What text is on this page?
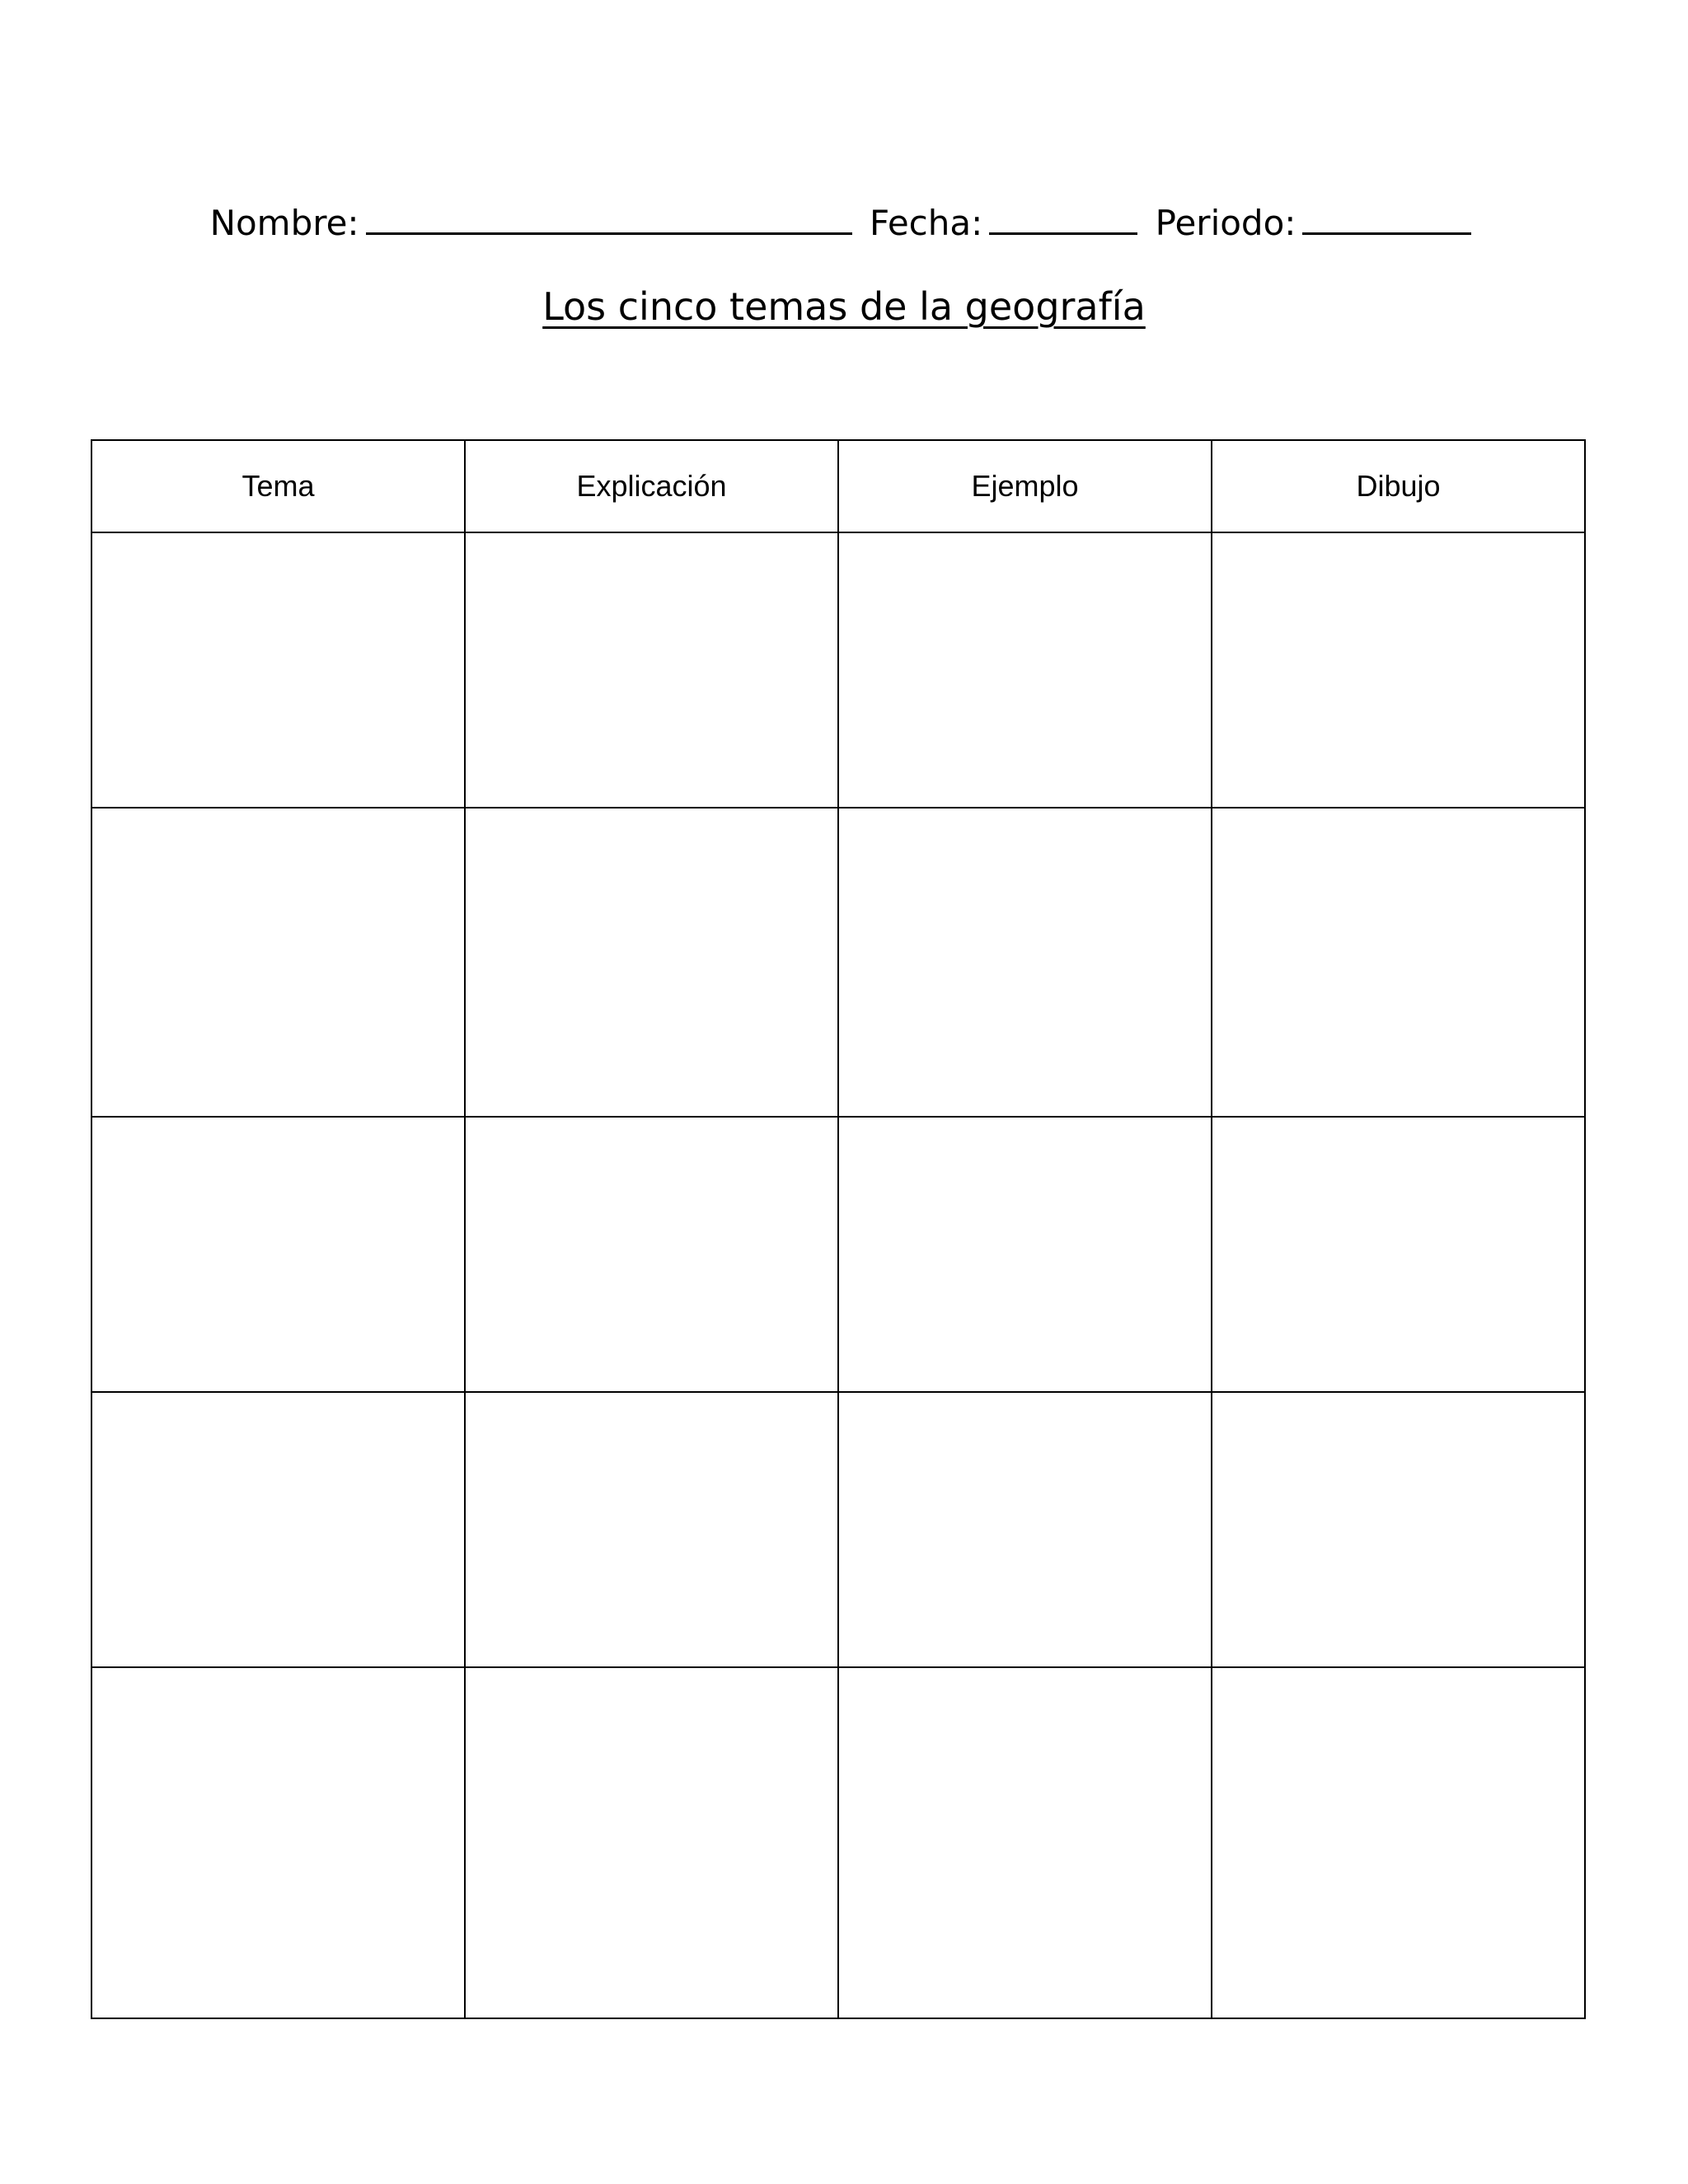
Nombre:	Fecha:	Periodo:
Los cinco temas de la geografía
Tema	Explicación	Ejemplo	Dibujo
